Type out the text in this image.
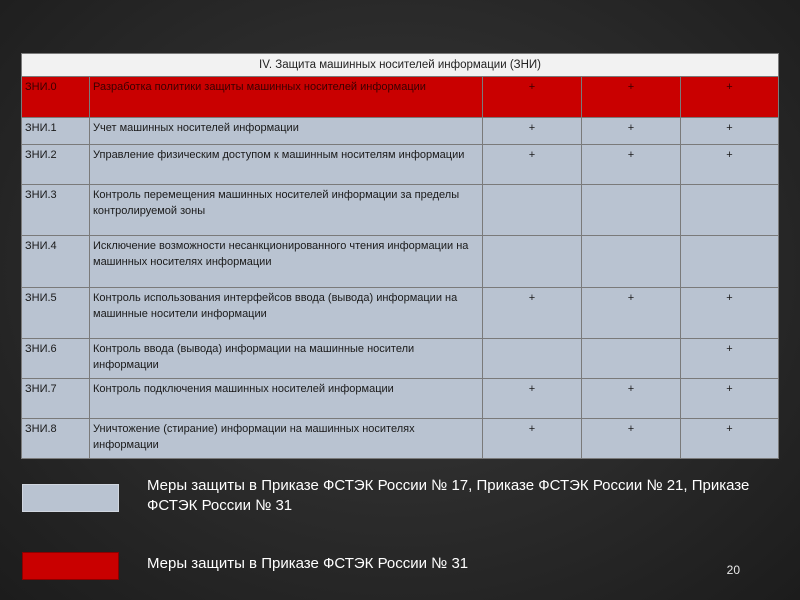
IV. Защита машинных носителей информации (ЗНИ)				
ЗНИ.0	Разработка политики защиты машинных носителей информации	+	+	+
ЗНИ.1	Учет машинных носителей информации	+	+	+
ЗНИ.2	Управление физическим доступом к машинным носителям информации	+	+	+
ЗНИ.3	Контроль перемещения машинных носителей информации за пределы контролируемой зоны			
ЗНИ.4	Исключение возможности несанкционированного чтения информации на машинных носителях информации			
ЗНИ.5	Контроль использования интерфейсов ввода (вывода) информации на машинные носители информации	+	+	+
ЗНИ.6	Контроль ввода (вывода) информации на машинные носители информации			+
ЗНИ.7	Контроль подключения машинных носителей информации	+	+	+
ЗНИ.8	Уничтожение (стирание) информации на машинных носителях информации	+	+	+
Меры защиты в Приказе ФСТЭК России № 17, Приказе ФСТЭК России № 21, Приказе ФСТЭК России № 31
Меры защиты в Приказе ФСТЭК России № 31	20
